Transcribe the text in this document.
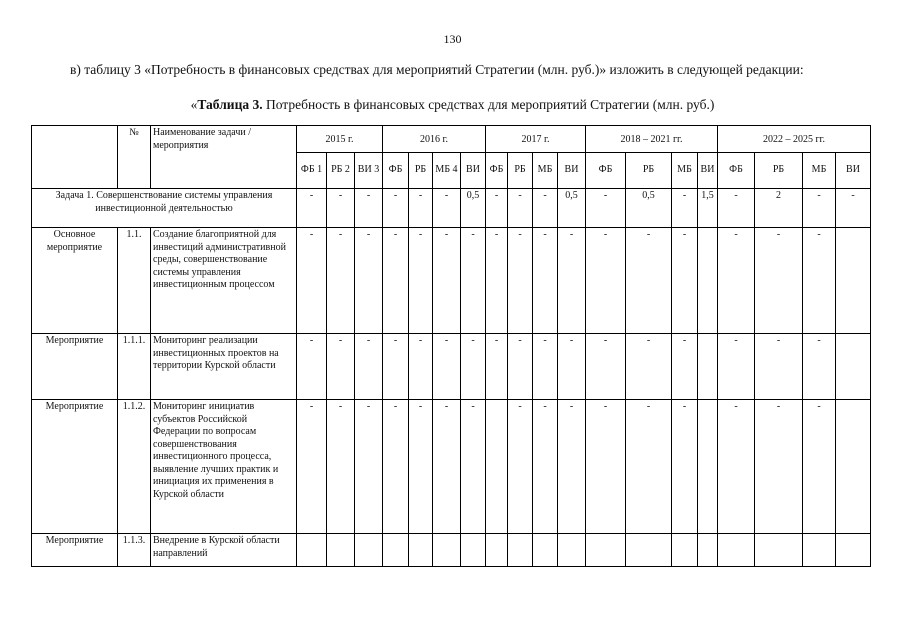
130
в) таблицу 3 «Потребность в финансовых средствах для мероприятий Стратегии (млн. руб.)» изложить в следующей редакции:
«Таблица 3. Потребность в финансовых средствах для мероприятий Стратегии (млн. руб.)
	№	Наименование задачи / мероприятия	2015 г.			2016 г.				2017 г.				2018 – 2021 гг.				2022 – 2025 гг.			
			ФБ 1	РБ 2	ВИ 3	ФБ	РБ	МБ 4	ВИ	ФБ	РБ	МБ	ВИ	ФБ	РБ	МБ	ВИ	ФБ	РБ	МБ	ВИ
Задача 1. Совершенствование системы управления инвестиционной деятельностью			-	-	-	-	-	-	0,5	-	-	-	0,5	-	0,5	-	1,5	-	2	-	-
Основное мероприятие	1.1.	Создание благоприятной для инвестиций административной среды, совершенствование системы управления инвестиционным процессом	-	-	-	-	-	-	-	-	-	-	-	-	-	-		-	-	-	
Мероприятие	1.1.1.	Мониторинг реализации инвестиционных проектов на территории Курской области	-	-	-	-	-	-	-	-	-	-	-	-	-	-		-	-	-	
Мероприятие	1.1.2.	Мониторинг инициатив субъектов Российской Федерации по вопросам совершенствования инвестиционного процесса, выявление лучших практик и инициация их применения в Курской области	-	-	-	-	-	-	-		-	-	-	-	-	-		-	-	-	
Мероприятие	1.1.3.	Внедрение в Курской области направлений																			
